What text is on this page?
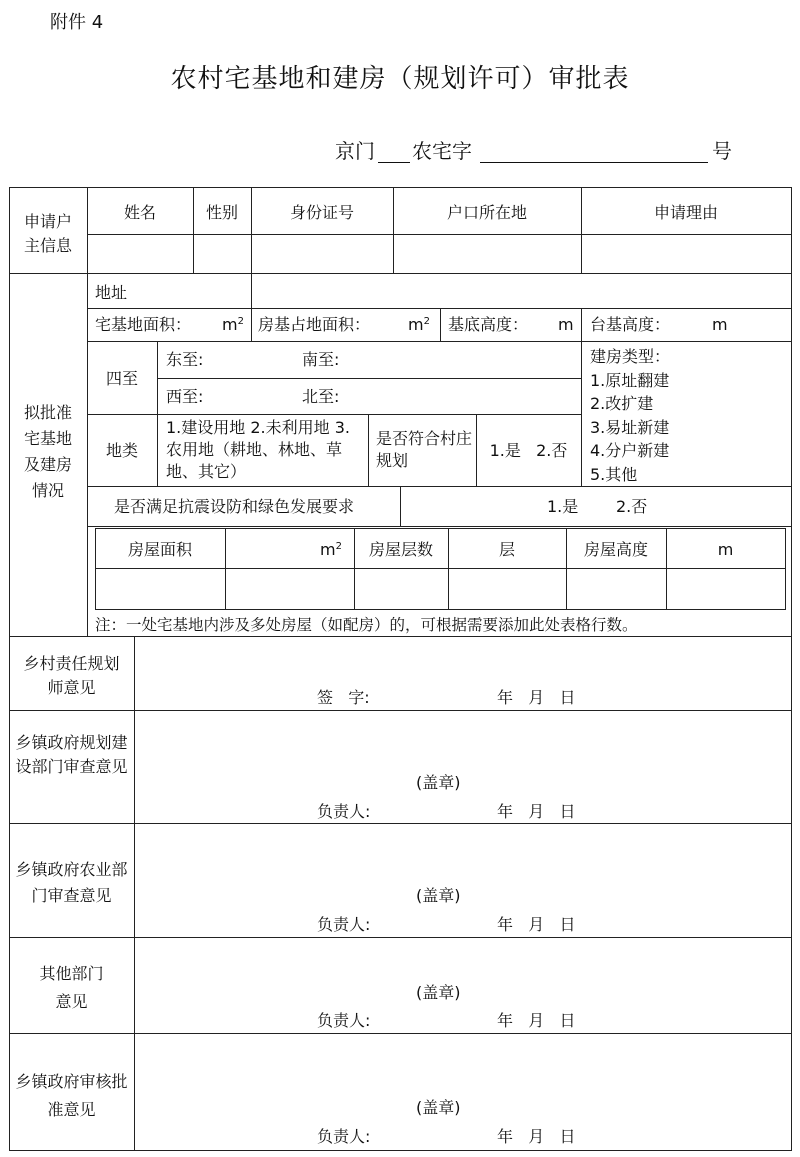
附件 4
农村宅基地和建房（规划许可）审批表
京门 农宅字	号
申请户主信息
姓名	性别	身份证号	户口所在地	申请理由
拟批准宅基地及建房情况
地址
宅基地面积： $m^2$ 房基占地面积： $m^2$ 基底高度： m 台基高度：	m
四至
东至:	南至:
西至:	北至:
建房类型：
1.原址翻建
2.改扩建
3.易址新建
4.分户新建
5.其他
地类
1.建设用地 2.未利用地 3.农用地（耕地、林地、草地、其它）
是否符合村庄规划
1.是   2.否
是否满足抗震设防和绿色发展要求	1.是 2.否
房屋面积	$m^2$	房屋层数	层	房屋高度	m
注：一处宅基地内涉及多处房屋（如配房）的，可根据需要添加此处表格行数。
乡村责任规划师意见
签   字:	年   月   日
乡镇政府规划建设部门审查意见
(盖章)
负责人:	年   月   日
乡镇政府农业部门审查意见	(盖章)
负责人:	年   月   日
其他部门意见	(盖章)
负责人:	年   月   日
乡镇政府审核批准意见	(盖章)
负责人:	年   月   日
